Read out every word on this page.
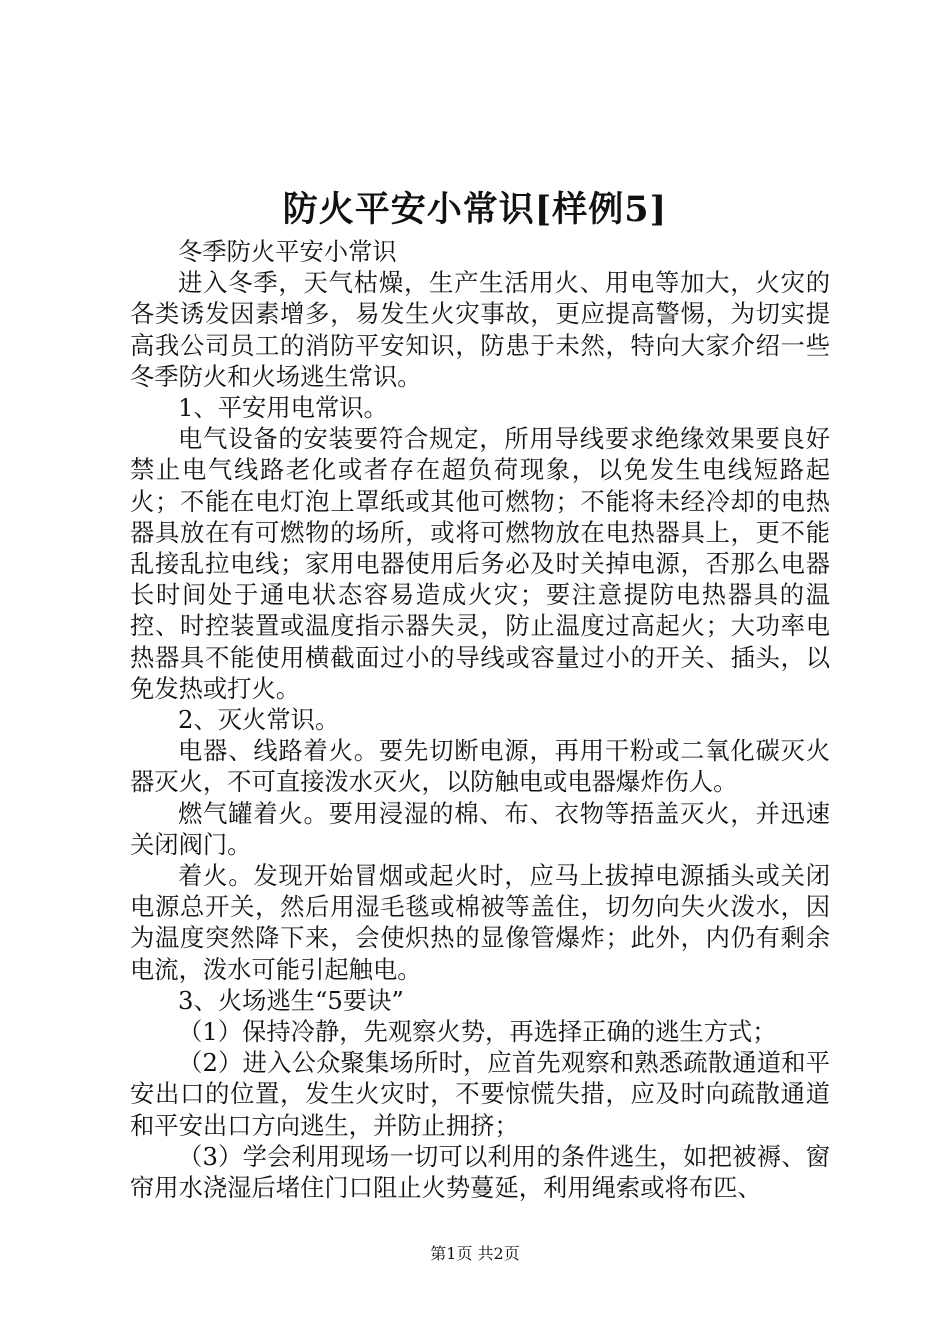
防火平安小常识[样例5]

冬季防火平安小常识

进入冬季，天气枯燥，生产生活用火、用电等加大，火灾的各类诱发因素增多，易发生火灾事故，更应提高警惕，为切实提高我公司员工的消防平安知识，防患于未然，特向大家介绍一些冬季防火和火场逃生常识。

1、平安用电常识。

电气设备的安装要符合规定，所用导线要求绝缘效果要良好禁止电气线路老化或者存在超负荷现象，以免发生电线短路起火；不能在电灯泡上罩纸或其他可燃物；不能将未经冷却的电热器具放在有可燃物的场所，或将可燃物放在电热器具上，更不能乱接乱拉电线；家用电器使用后务必及时关掉电源，否那么电器长时间处于通电状态容易造成火灾；要注意提防电热器具的温控、时控装置或温度指示器失灵，防止温度过高起火；大功率电热器具不能使用横截面过小的导线或容量过小的开关、插头，以免发热或打火。

2、灭火常识。

电器、线路着火。要先切断电源，再用干粉或二氧化碳灭火器灭火，不可直接泼水灭火，以防触电或电器爆炸伤人。

燃气罐着火。要用浸湿的棉、布、衣物等捂盖灭火，并迅速关闭阀门。

着火。发现开始冒烟或起火时，应马上拔掉电源插头或关闭电源总开关，然后用湿毛毯或棉被等盖住，切勿向失火泼水，因为温度突然降下来，会使炽热的显像管爆炸；此外，内仍有剩余电流，泼水可能引起触电。

3、火场逃生“5要诀”

（1）保持冷静，先观察火势，再选择正确的逃生方式；

（2）进入公众聚集场所时，应首先观察和熟悉疏散通道和平安出口的位置，发生火灾时，不要惊慌失措，应及时向疏散通道和平安出口方向逃生，并防止拥挤；

（3）学会利用现场一切可以利用的条件逃生，如把被褥、窗帘用水浇湿后堵住门口阻止火势蔓延，利用绳索或将布匹、

第1页 共2页
